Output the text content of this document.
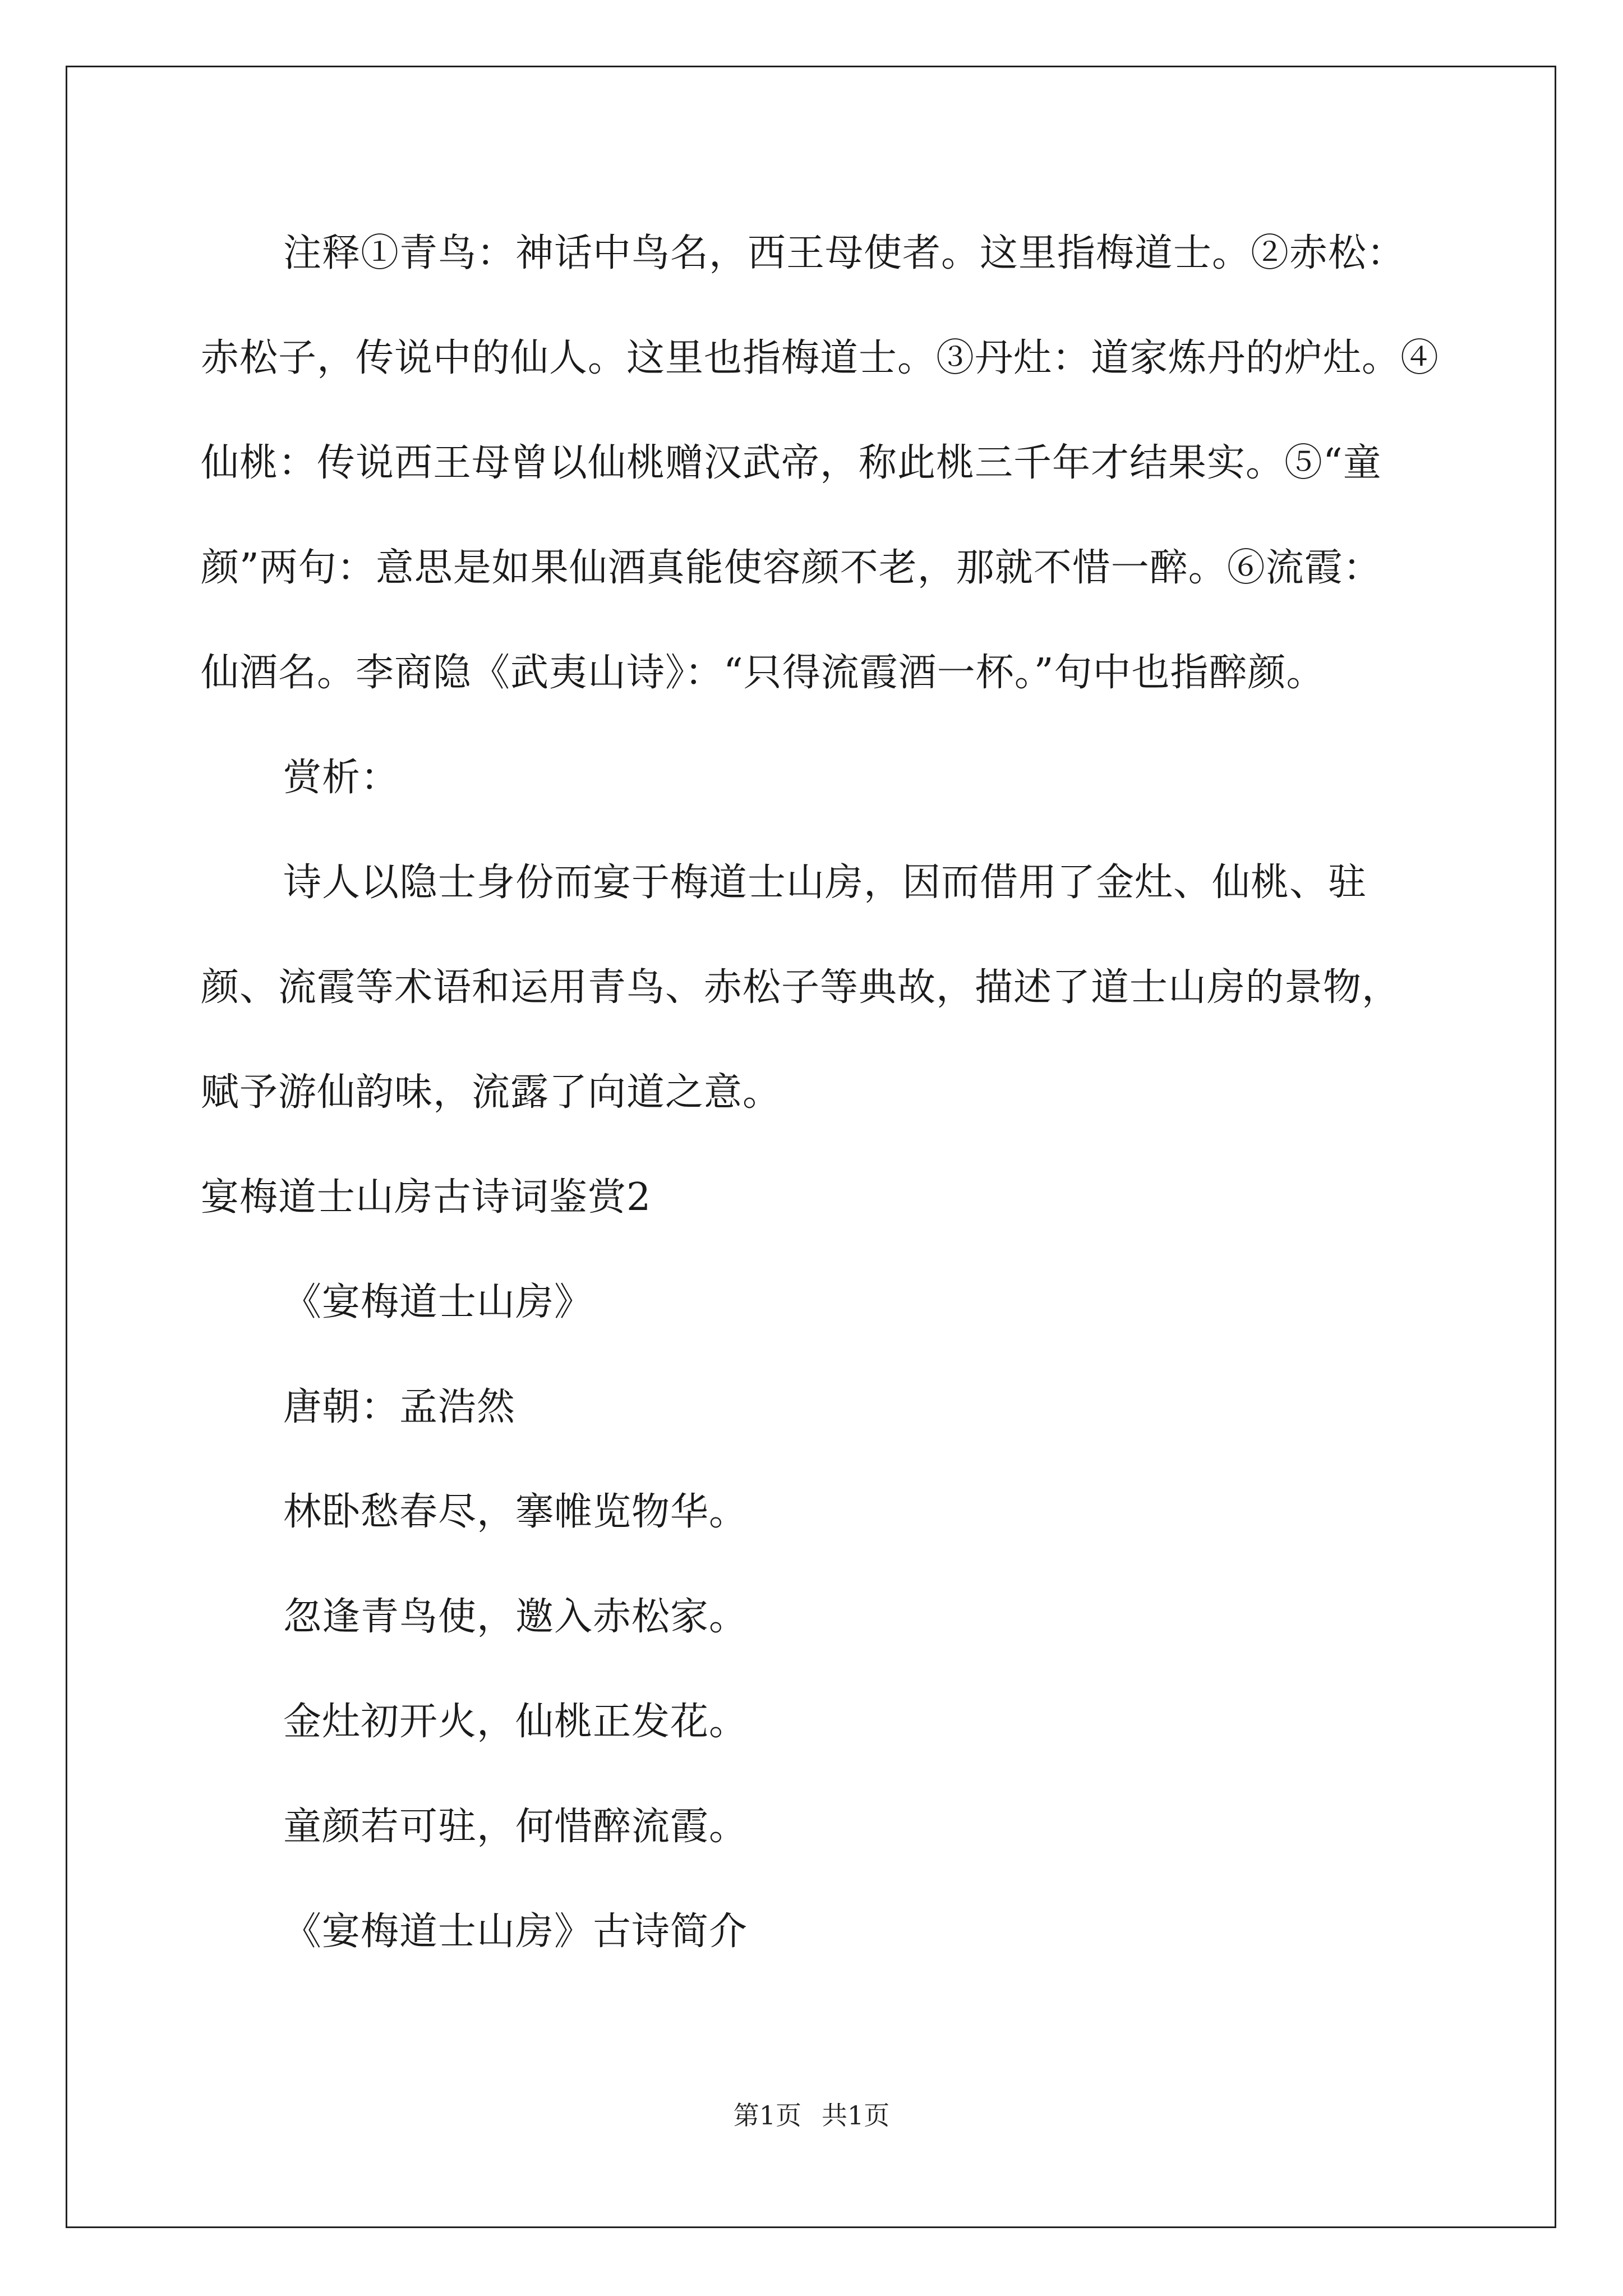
注释①青鸟：神话中鸟名，西王母使者。这里指梅道士。②赤松：
赤松子，传说中的仙人。这里也指梅道士。③丹灶：道家炼丹的炉灶。④
仙桃：传说西王母曾以仙桃赠汉武帝，称此桃三千年才结果实。⑤“童
颜”两句：意思是如果仙酒真能使容颜不老，那就不惜一醉。⑥流霞：
仙酒名。李商隐《武夷山诗》：“只得流霞酒一杯。”句中也指醉颜。
赏析：
诗人以隐士身份而宴于梅道士山房，因而借用了金灶、仙桃、驻
颜、流霞等术语和运用青鸟、赤松子等典故，描述了道士山房的景物，
赋予游仙韵味，流露了向道之意。
宴梅道士山房古诗词鉴赏2
《宴梅道士山房》
唐朝：孟浩然
林卧愁春尽，搴帷览物华。
忽逢青鸟使，邀入赤松家。
金灶初开火，仙桃正发花。
童颜若可驻，何惜醉流霞。
《宴梅道士山房》古诗简介
第1页 共1页
